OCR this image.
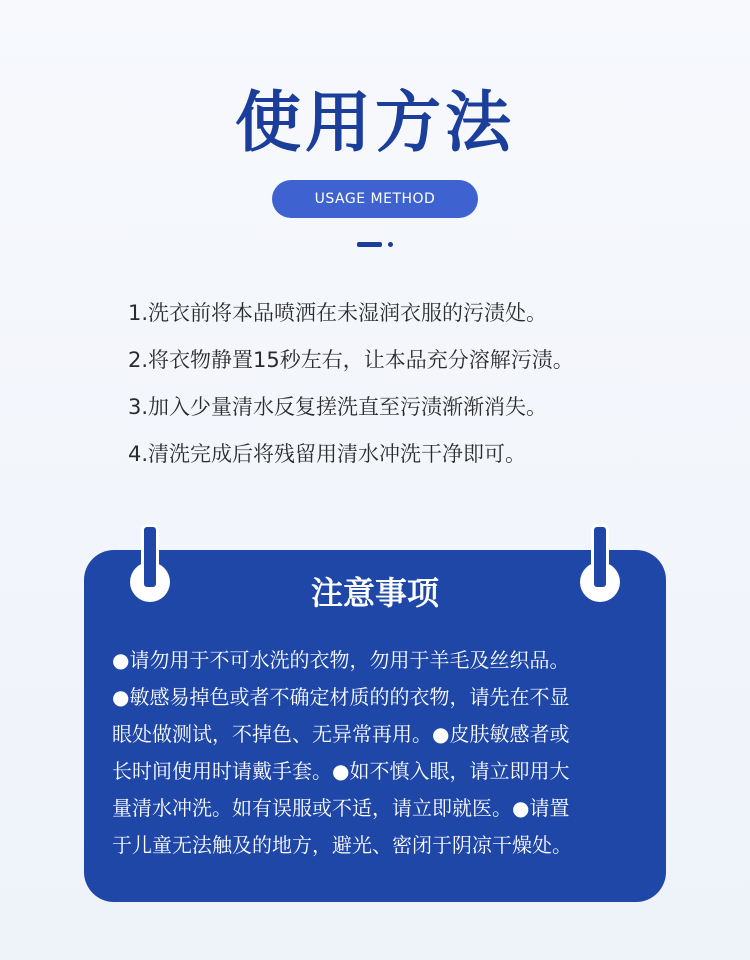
使用方法
USAGE METHOD
1.洗衣前将本品喷洒在未湿润衣服的污渍处。
2.将衣物静置15秒左右，让本品充分溶解污渍。
3.加入少量清水反复搓洗直至污渍渐渐消失。
4.清洗完成后将残留用清水冲洗干净即可。
注意事项
●请勿用于不可水洗的衣物，勿用于羊毛及丝织品。
●敏感易掉色或者不确定材质的的衣物，请先在不显
眼处做测试，不掉色、无异常再用。●皮肤敏感者或
长时间使用时请戴手套。●如不慎入眼，请立即用大
量清水冲洗。如有误服或不适，请立即就医。●请置
于儿童无法触及的地方，避光、密闭于阴凉干燥处。
